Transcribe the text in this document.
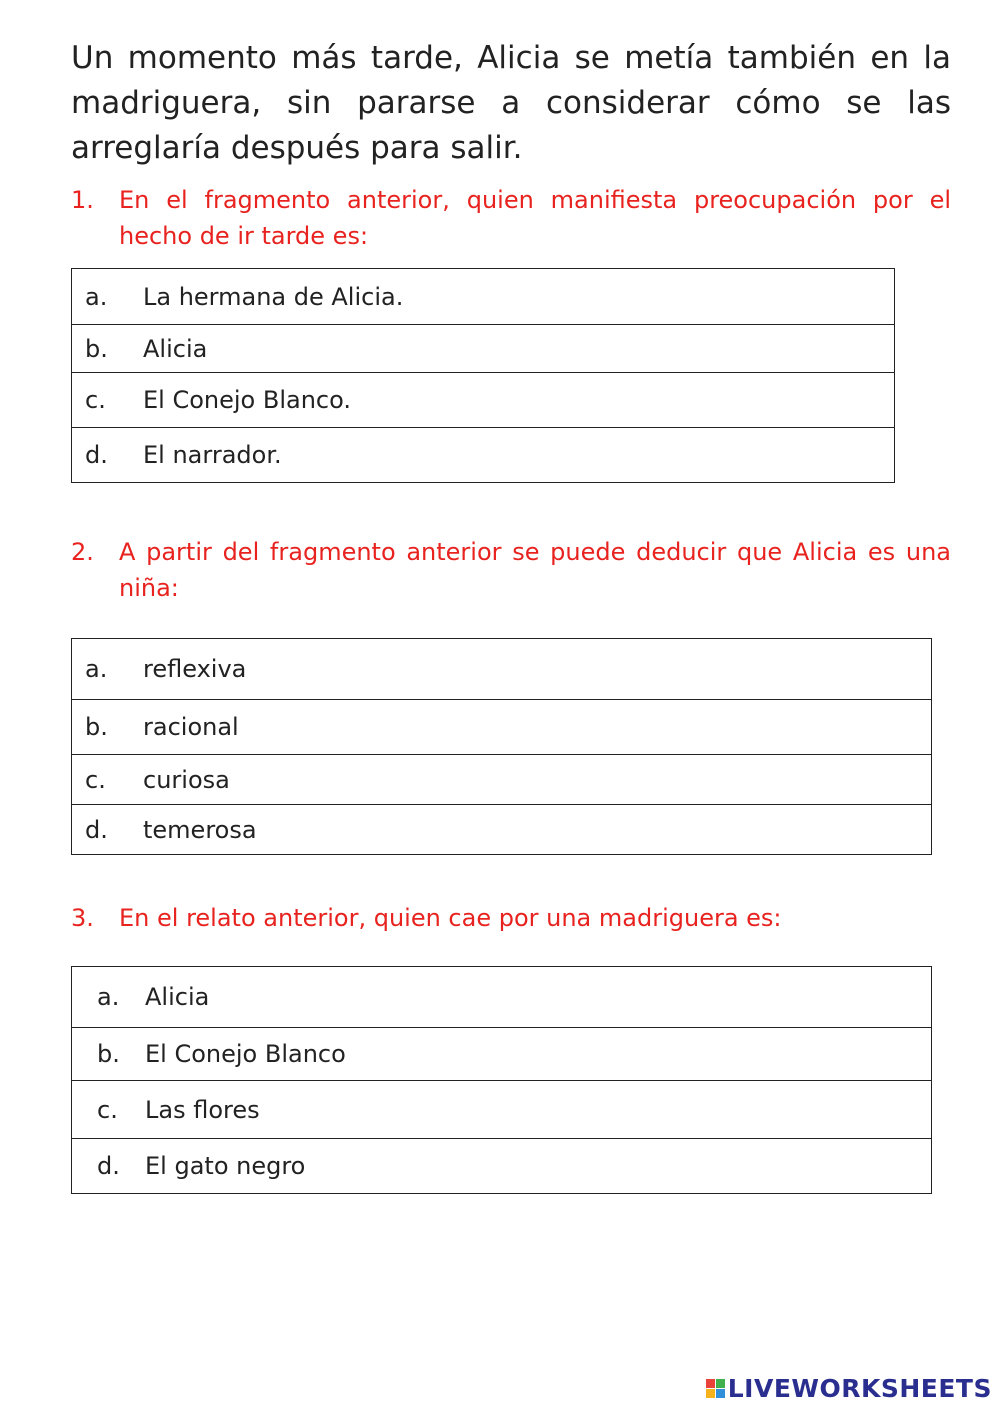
Un momento más tarde, Alicia se metía también en la madriguera, sin pararse a considerar cómo se las arreglaría después para salir.
1.	En el fragmento anterior, quien manifiesta preocupación por el hecho de ir tarde es:
a.	La hermana de Alicia.
b.	Alicia
c.	El Conejo Blanco.
d.	El narrador.
2.	A partir del fragmento anterior se puede deducir que Alicia es una niña:
a.	reflexiva
b.	racional
c.	curiosa
d.	temerosa
3.	En el relato anterior, quien cae por una madriguera es:
a.	Alicia
b.	El Conejo Blanco
c.	Las flores
d.	El gato negro
LIVEWORKSHEETS
